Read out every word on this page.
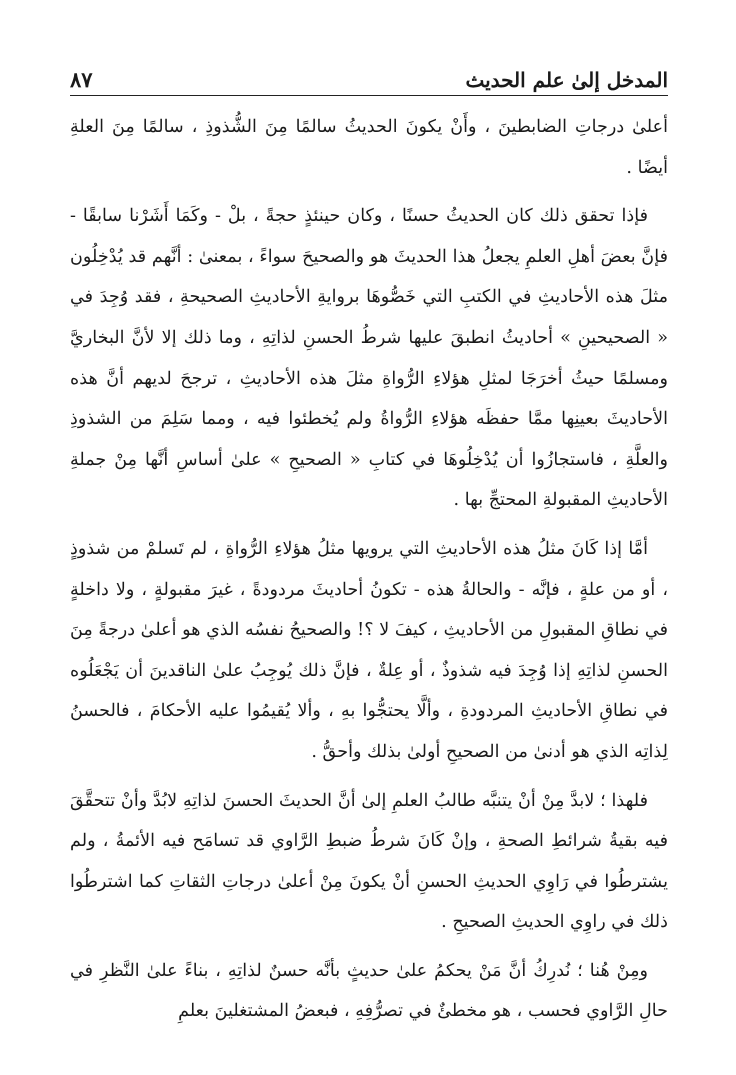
المدخل إلىٰ علم الحديث
٨٧

أعلىٰ درجاتِ الضابطينَ ، وأَنْ يكونَ الحديثُ سالمًا مِنَ الشُّذوذِ ، سالمًا مِنَ العلةِ أيضًا .

فإذا تحقق ذلك كان الحديثُ حسنًا ، وكان حينئذٍ حجةً ، بلْ - وكَمَا أَشَرْنا سابقًا - فإنَّ بعضَ أهلِ العلمِ يجعلُ هذا الحديثَ هو والصحيحَ سواءً ، بمعنىٰ : أنَّهم قد يُدْخِلُون مثلَ هذه الأحاديثِ في الكتبِ التي خَصُّوهَا بروايةِ الأحاديثِ الصحيحةِ ، فقد وُجِدَ في « الصحيحينِ » أحاديثُ انطبقَ عليها شرطُ الحسنِ لذاتِهِ ، وما ذلك إلا لأنَّ البخاريَّ ومسلمًا حيثُ أخرَجَا لمثلِ هؤلاءِ الرُّواةِ مثلَ هذه الأحاديثِ ، ترجحَ لديهم أنَّ هذه الأحاديثَ بعينِها ممَّا حفظَه هؤلاءِ الرُّواةُ ولم يُخطئوا فيه ، ومما سَلِمَ من الشذوذِ والعلَّةِ ، فاستجازُوا أن يُدْخِلُوهَا في كتابِ « الصحيحِ » علىٰ أساسِ أنَّها مِنْ جملةِ الأحاديثِ المقبولةِ المحتجِّ بها .

أمَّا إذا كَانَ مثلُ هذه الأحاديثِ التي يرويها مثلُ هؤلاءِ الرُّواةِ ، لم تَسلمْ من شذوذٍ ، أو من علةٍ ، فإنَّه - والحالةُ هذه - تكونُ أحاديثَ مردودةً ، غيرَ مقبولةٍ ، ولا داخلةٍ في نطاقِ المقبولِ من الأحاديثِ ، كيفَ لا ؟! والصحيحُ نفسُه الذي هو أعلىٰ درجةً مِنَ الحسنِ لذاتِهِ إذا وُجِدَ فيه شذوذٌ ، أو عِلةٌ ، فإنَّ ذلك يُوجِبُ علىٰ الناقدينَ أن يَجْعَلُوه في نطاقِ الأحاديثِ المردودةِ ، وألَّا يحتجُّوا بهِ ، وألا يُقيمُوا عليه الأحكامَ ، فالحسنُ لِذاتِه الذي هو أدنىٰ من الصحيحِ أولىٰ بذلك وأحقُّ .

فلهذا ؛ لابدَّ مِنْ أنْ يتنبَّه طالبُ العلمِ إلىٰ أنَّ الحديثَ الحسنَ لذاتِهِ لابُدَّ وأنْ تتحقَّقَ فيه بقيةُ شرائطِ الصحةِ ، وإنْ كَانَ شرطُ ضبطِ الرَّاوي قد تسامَح فيه الأئمةُ ، ولم يشترطُوا في رَاوِي الحديثِ الحسنِ أنْ يكونَ مِنْ أعلىٰ درجاتِ الثقاتِ كما اشترطُوا ذلك في راوِي الحديثِ الصحيحِ .

ومِنْ هُنا ؛ نُدرِكُ أنَّ مَنْ يحكمُ علىٰ حديثٍ بأنَّه حسنٌ لذاتِهِ ، بناءً علىٰ النَّظرِ في حالِ الرَّاوي فحسب ، هو مخطئٌ في تصرُّفِهِ ، فبعضُ المشتغلينَ بعلمِ
